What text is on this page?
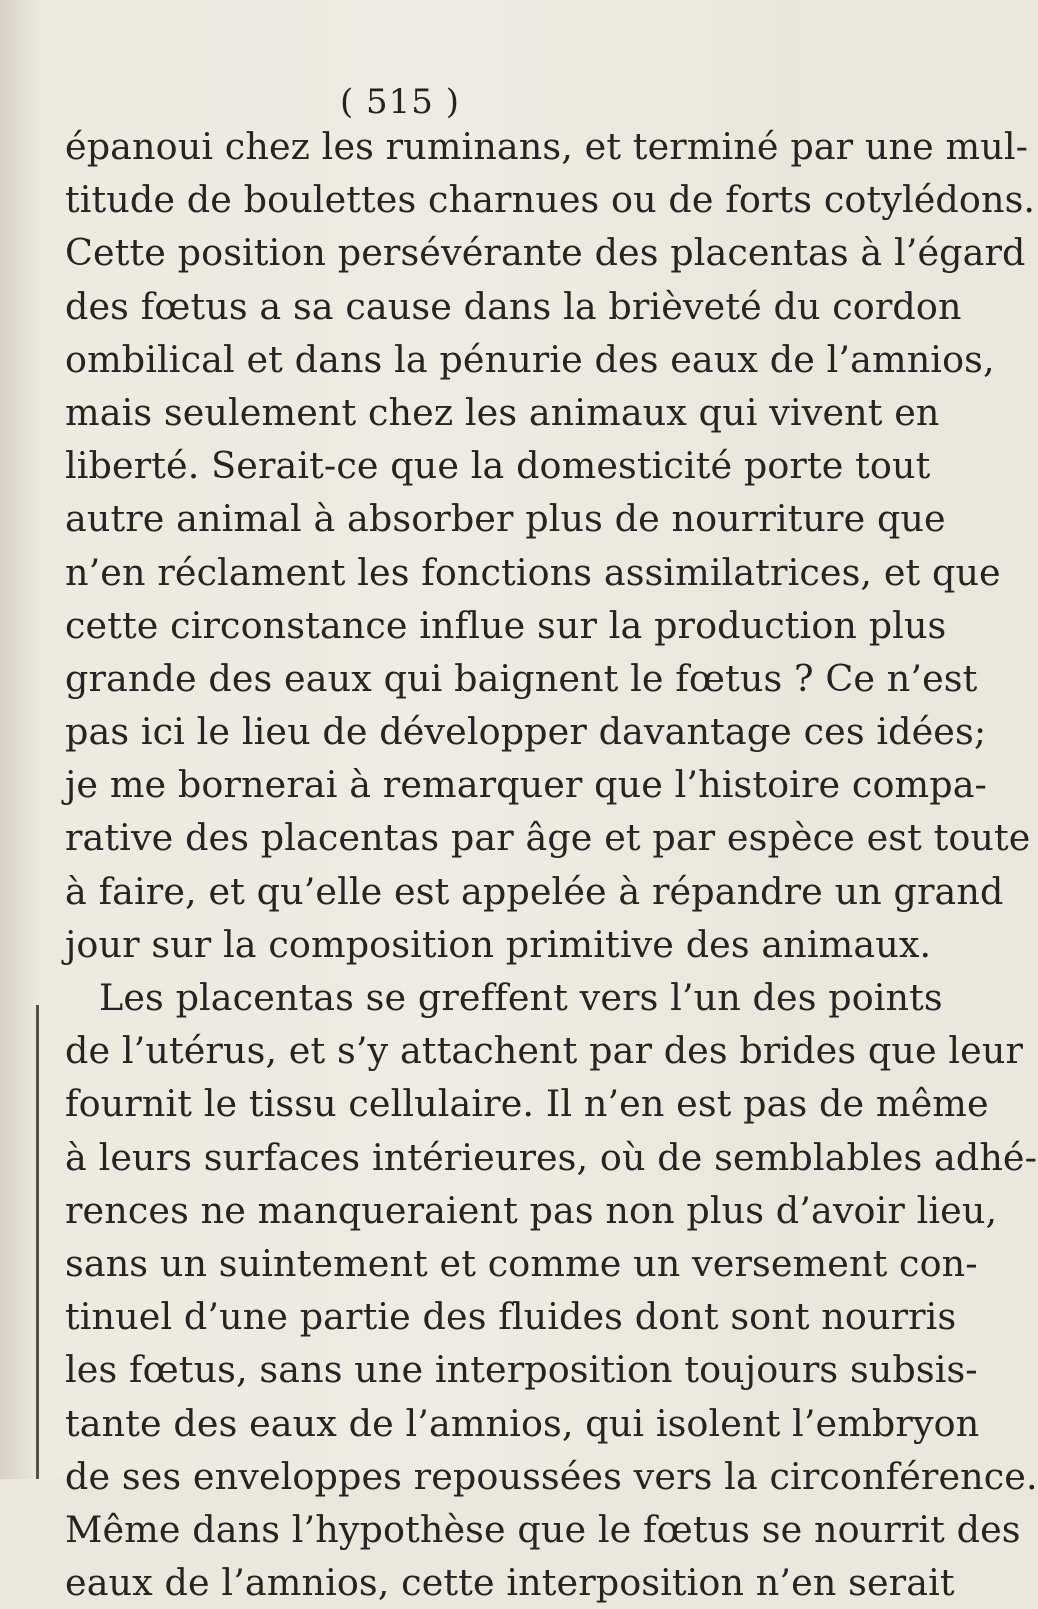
( 515 )
épanoui chez les ruminans, et terminé par une mul-
titude de boulettes charnues ou de forts cotylédons.
Cette position persévérante des placentas à l’égard
des fœtus a sa cause dans la brièveté du cordon
ombilical et dans la pénurie des eaux de l’amnios,
mais seulement chez les animaux qui vivent en
liberté. Serait-ce que la domesticité porte tout
autre animal à absorber plus de nourriture que
n’en réclament les fonctions assimilatrices, et que
cette circonstance influe sur la production plus
grande des eaux qui baignent le fœtus ? Ce n’est
pas ici le lieu de développer davantage ces idées;
je me bornerai à remarquer que l’histoire compa-
rative des placentas par âge et par espèce est toute
à faire, et qu’elle est appelée à répandre un grand
jour sur la composition primitive des animaux.
Les placentas se greffent vers l’un des points
de l’utérus, et s’y attachent par des brides que leur
fournit le tissu cellulaire. Il n’en est pas de même
à leurs surfaces intérieures, où de semblables adhé-
rences ne manqueraient pas non plus d’avoir lieu,
sans un suintement et comme un versement con-
tinuel d’une partie des fluides dont sont nourris
les fœtus, sans une interposition toujours subsis-
tante des eaux de l’amnios, qui isolent l’embryon
de ses enveloppes repoussées vers la circonférence.
Même dans l’hypothèse que le fœtus se nourrit des
eaux de l’amnios, cette interposition n’en serait
